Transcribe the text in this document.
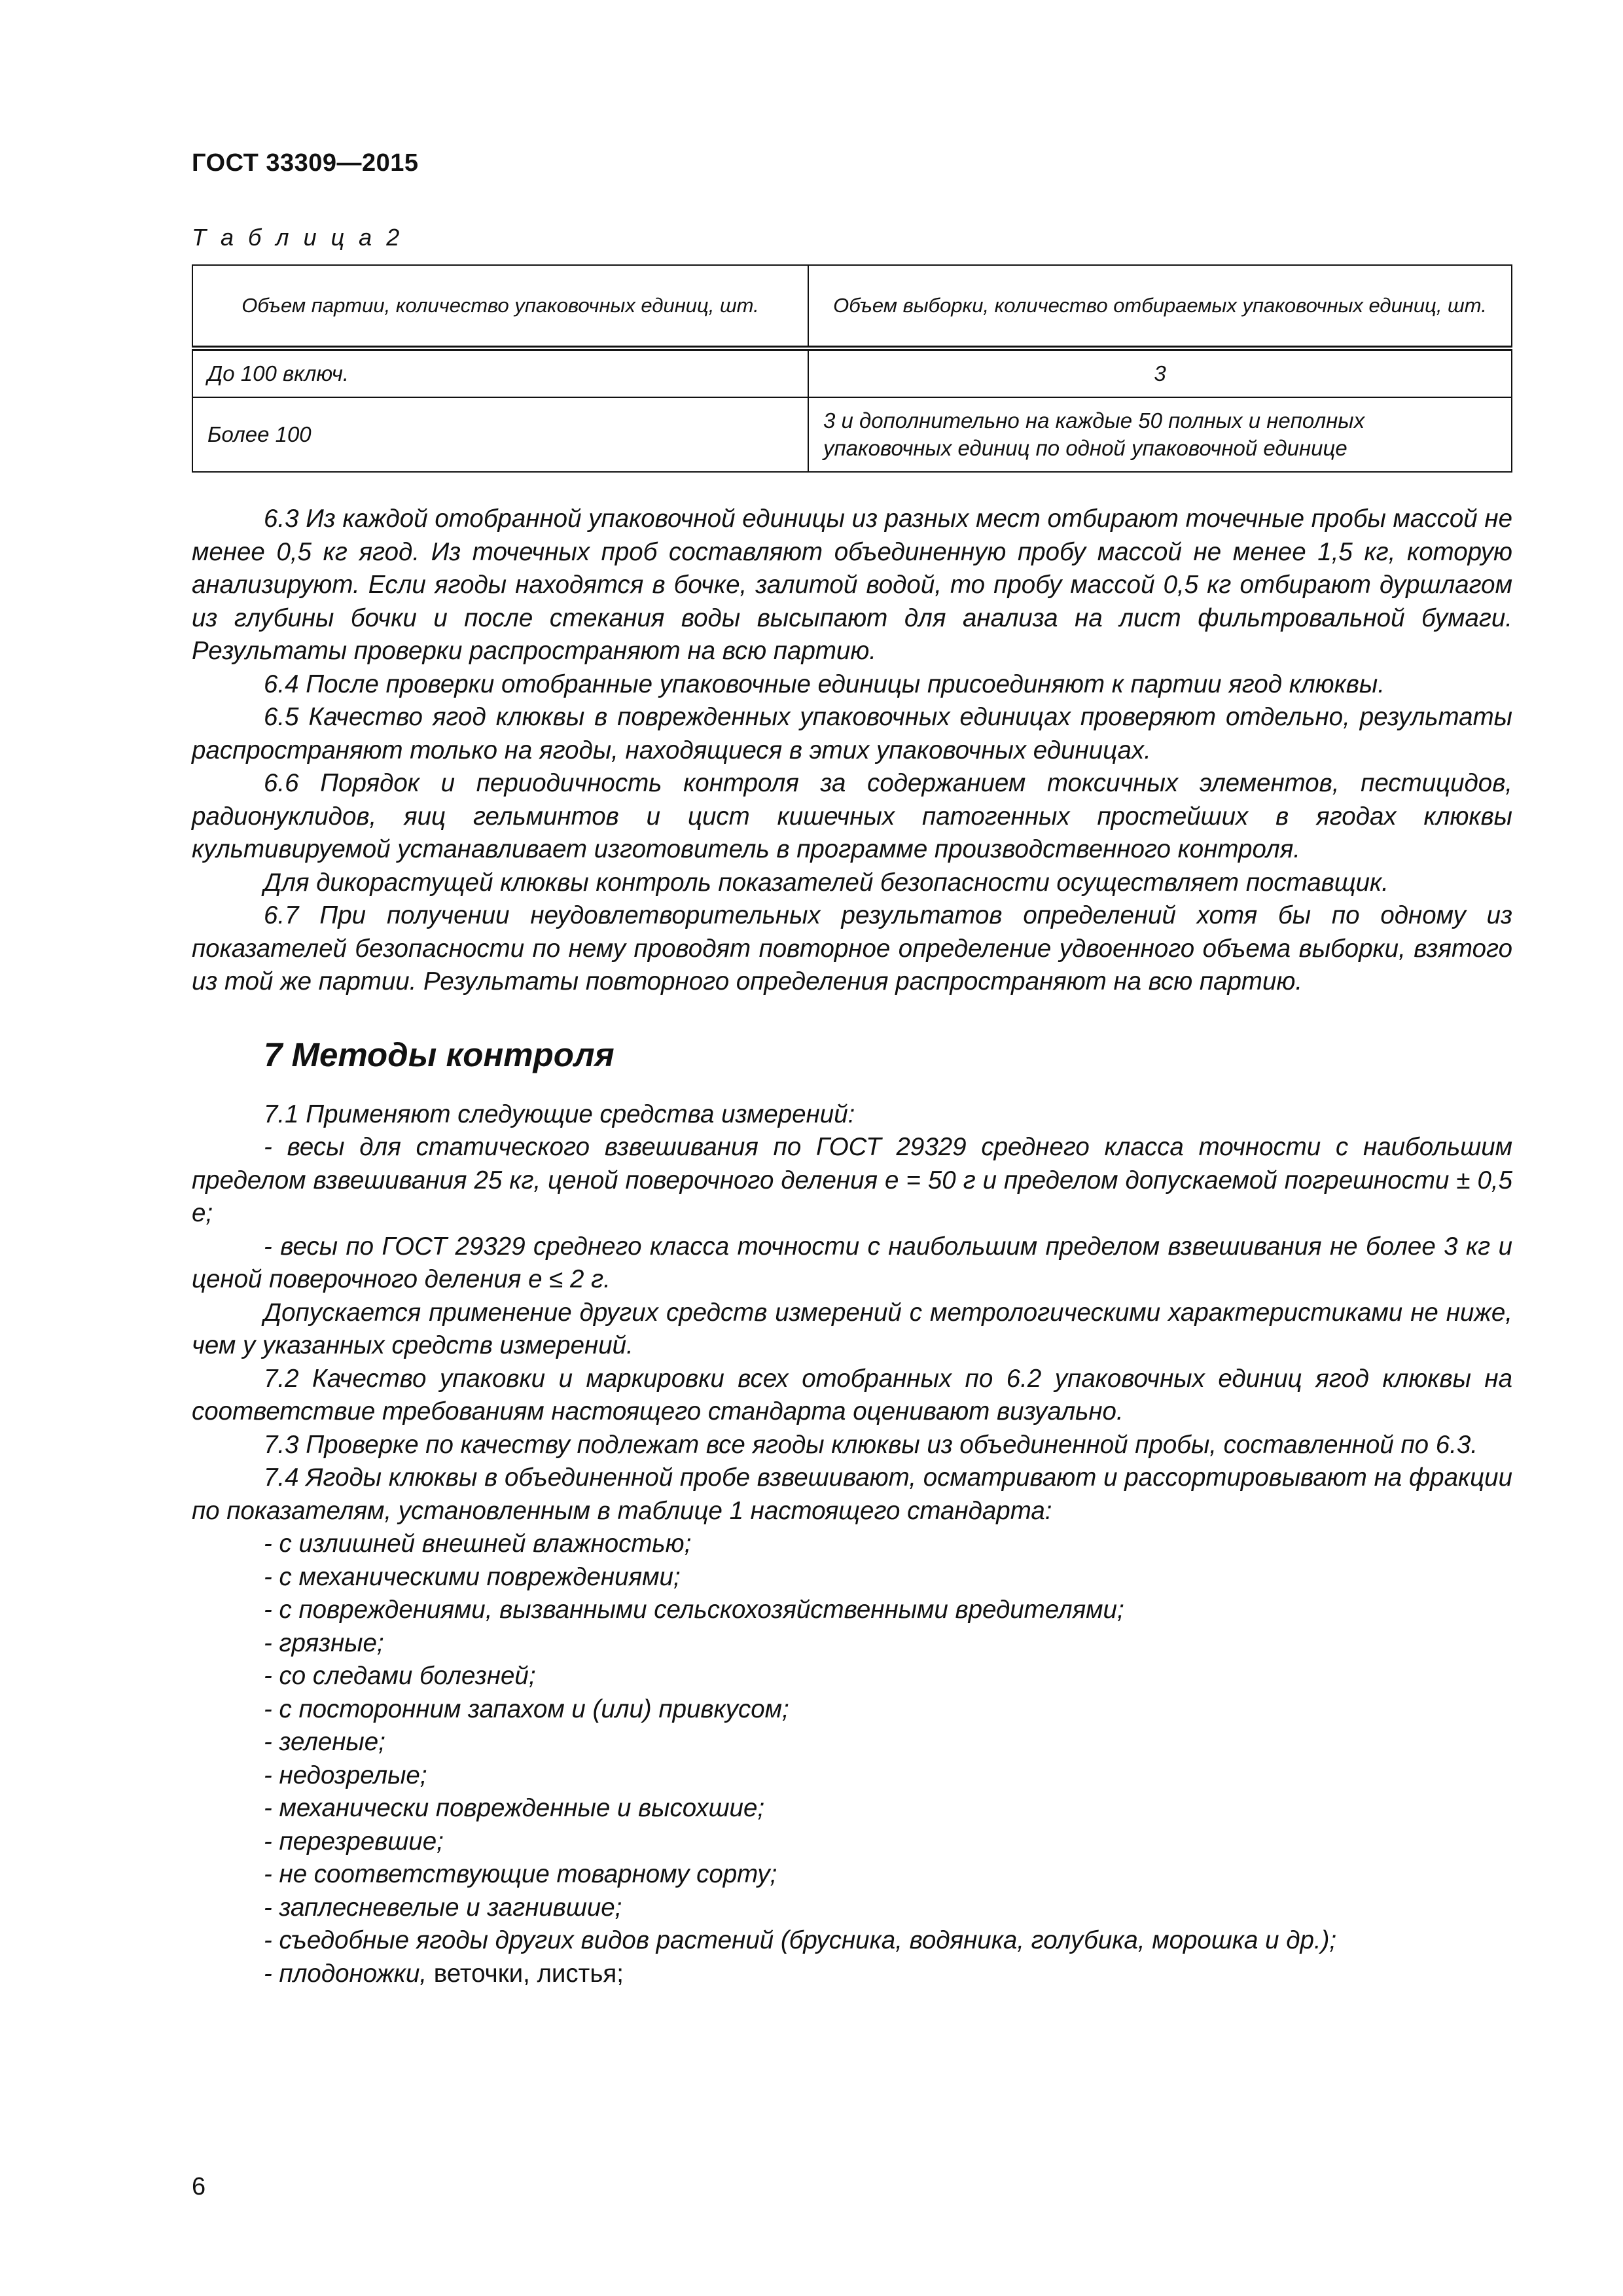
ГОСТ 33309—2015
Т а б л и ц а 2
Объем партии, количество упаковочных единиц, шт.	Объем выборки, количество отбираемых упаковочных единиц, шт.
До 100 включ.	3
Более 100	3 и дополнительно на каждые 50 полных и неполных упаковочных единиц по одной упаковочной единице

6.3 Из каждой отобранной упаковочной единицы из разных мест отбирают точечные пробы массой не менее 0,5 кг ягод. Из точечных проб составляют объединенную пробу массой не менее 1,5 кг, которую анализируют. Если ягоды находятся в бочке, залитой водой, то пробу массой 0,5 кг отбирают дуршлагом из глубины бочки и после стекания воды высыпают для анализа на лист фильтровальной бумаги. Результаты проверки распространяют на всю партию.

6.4 После проверки отобранные упаковочные единицы присоединяют к партии ягод клюквы.

6.5 Качество ягод клюквы в поврежденных упаковочных единицах проверяют отдельно, результаты распространяют только на ягоды, находящиеся в этих упаковочных единицах.

6.6 Порядок и периодичность контроля за содержанием токсичных элементов, пестицидов, радионуклидов, яиц гельминтов и цист кишечных патогенных простейших в ягодах клюквы культивируемой устанавливает изготовитель в программе производственного контроля.

Для дикорастущей клюквы контроль показателей безопасности осуществляет поставщик.

6.7 При получении неудовлетворительных результатов определений хотя бы по одному из показателей безопасности по нему проводят повторное определение удвоенного объема выборки, взятого из той же партии. Результаты повторного определения распространяют на всю партию.

7 Методы контроля

7.1 Применяют следующие средства измерений:

- весы для статического взвешивания по ГОСТ 29329 среднего класса точности с наибольшим пределом взвешивания 25 кг, ценой поверочного деления е = 50 г и пределом допускаемой погрешности ± 0,5 е;

- весы по ГОСТ 29329 среднего класса точности с наибольшим пределом взвешивания не более 3 кг и ценой поверочного деления е ≤ 2 г.

Допускается применение других средств измерений с метрологическими характеристиками не ниже, чем у указанных средств измерений.

7.2 Качество упаковки и маркировки всех отобранных по 6.2 упаковочных единиц ягод клюквы на соответствие требованиям настоящего стандарта оценивают визуально.

7.3 Проверке по качеству подлежат все ягоды клюквы из объединенной пробы, составленной по 6.3.

7.4 Ягоды клюквы в объединенной пробе взвешивают, осматривают и рассортировывают на фракции по показателям, установленным в таблице 1 настоящего стандарта:

- с излишней внешней влажностью;

- с механическими повреждениями;

- с повреждениями, вызванными сельскохозяйственными вредителями;

- грязные;

- со следами болезней;

- с посторонним запахом и (или) привкусом;

- зеленые;

- недозрелые;

- механически поврежденные и высохшие;

- перезревшие;

- не соответствующие товарному сорту;

- заплесневелые и загнившие;

- съедобные ягоды других видов растений (брусника, водяника, голубика, морошка и др.);

- плодоножки, веточки, листья;

6
